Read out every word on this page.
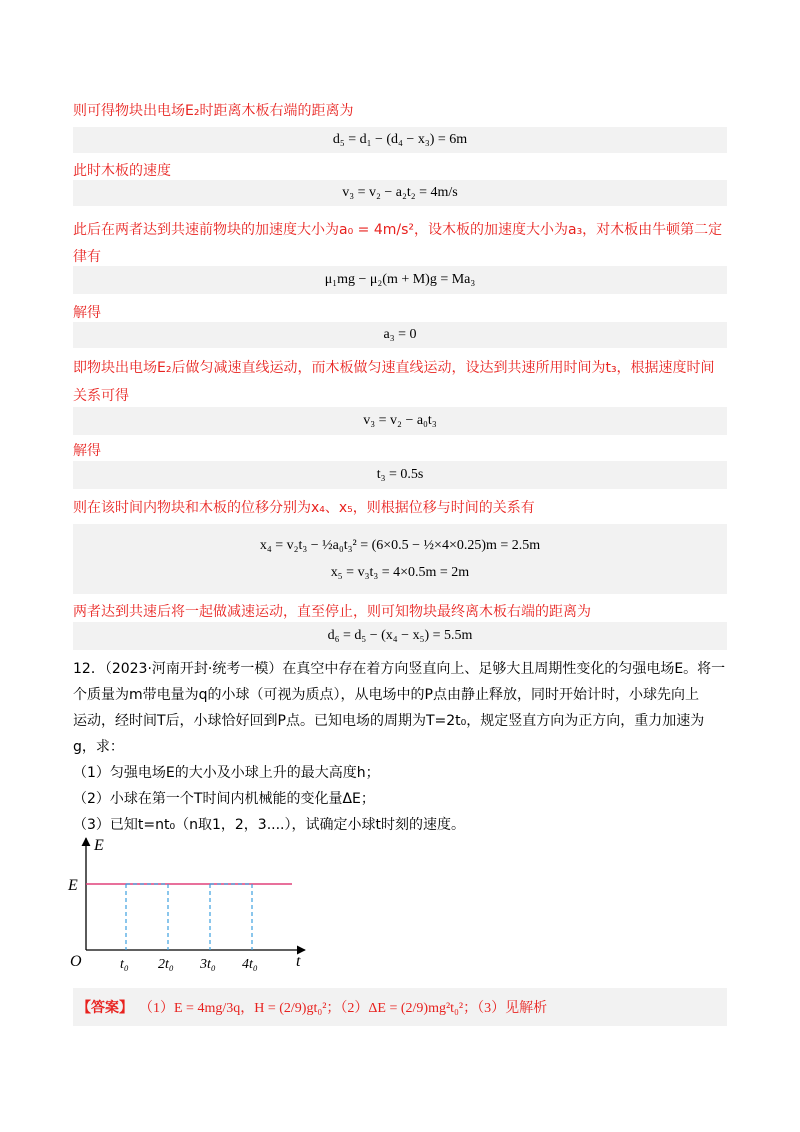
则可得物块出电场E₂时距离木板右端的距离为
d₅ = d₁ − (d₄ − x₃) = 6m
此时木板的速度
v₃ = v₂ − a₂t₂ = 4m/s
此后在两者达到共速前物块的加速度大小为a₀ = 4m/s²，设木板的加速度大小为a₃，对木板由牛顿第二定
律有
μ₁mg − μ₂(m + M)g = Ma₃
解得
a₃ = 0
即物块出电场E₂后做匀减速直线运动，而木板做匀速直线运动，设达到共速所用时间为t₃，根据速度时间
关系可得
v₃ = v₂ − a₀t₃
解得
t₃ = 0.5s
则在该时间内物块和木板的位移分别为x₄、x₅，则根据位移与时间的关系有
x₄ = v₂t₃ − ½a₀t₃² = (6×0.5 − ½×4×0.25)m = 2.5m
x₅ = v₃t₃ = 4×0.5m = 2m
两者达到共速后将一起做减速运动，直至停止，则可知物块最终离木板右端的距离为
d₆ = d₅ − (x₄ − x₅) = 5.5m
12．（2023·河南开封·统考一模）在真空中存在着方向竖直向上、足够大且周期性变化的匀强电场E。将一
个质量为m带电量为q的小球（可视为质点），从电场中的P点由静止释放，同时开始计时，小球先向上
运动，经时间T后，小球恰好回到P点。已知电场的周期为T=2t₀，规定竖直方向为正方向，重力加速为
g，求：
（1）匀强电场E的大小及小球上升的最大高度h；
（2）小球在第一个T时间内机械能的变化量ΔE；
（3）已知t=nt₀（n取1，2，3....），试确定小球t时刻的速度。
E
t
O
E
t₀ 2t₀ 3t₀ 4t₀
【答案】 （1）E = 4mg/3q，H = (2/9)gt₀²；（2）ΔE = (2/9)mg²t₀²；（3）见解析
